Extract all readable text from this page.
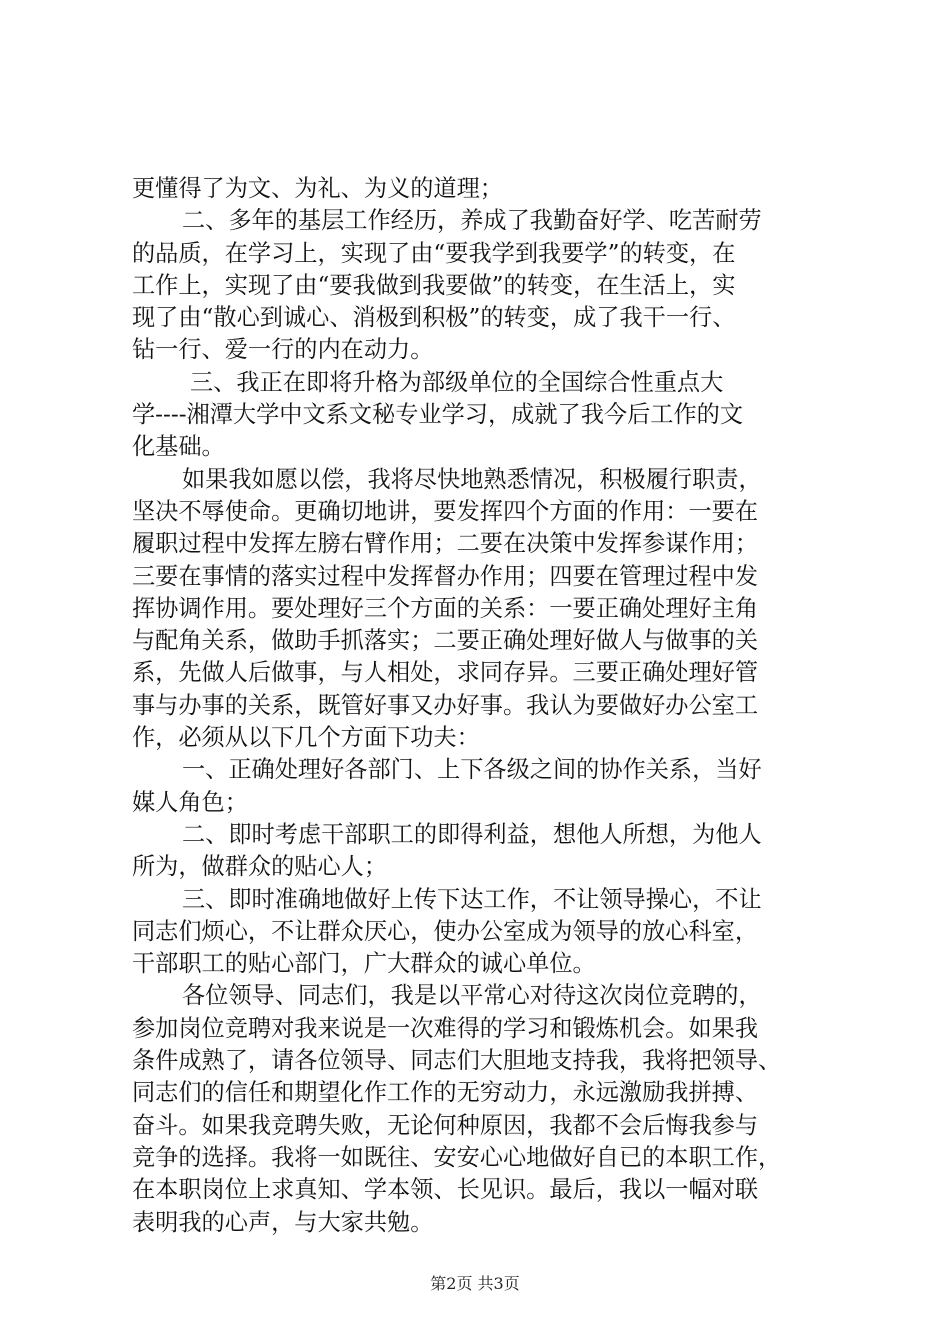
更懂得了为文、为礼、为义的道理；
二、多年的基层工作经历，养成了我勤奋好学、吃苦耐劳
的品质，在学习上，实现了由“要我学到我要学”的转变，在
工作上，实现了由“要我做到我要做”的转变，在生活上，实
现了由“散心到诚心、消极到积极”的转变，成了我干一行、
钻一行、爱一行的内在动力。
三、我正在即将升格为部级单位的全国综合性重点大
学----湘潭大学中文系文秘专业学习，成就了我今后工作的文
化基础。
如果我如愿以偿，我将尽快地熟悉情况，积极履行职责，
坚决不辱使命。更确切地讲，要发挥四个方面的作用：一要在
履职过程中发挥左膀右臂作用；二要在决策中发挥参谋作用；
三要在事情的落实过程中发挥督办作用；四要在管理过程中发
挥协调作用。要处理好三个方面的关系：一要正确处理好主角
与配角关系，做助手抓落实；二要正确处理好做人与做事的关
系，先做人后做事，与人相处，求同存异。三要正确处理好管
事与办事的关系，既管好事又办好事。我认为要做好办公室工
作，必须从以下几个方面下功夫：
一、正确处理好各部门、上下各级之间的协作关系，当好
媒人角色；
二、即时考虑干部职工的即得利益，想他人所想，为他人
所为，做群众的贴心人；
三、即时准确地做好上传下达工作，不让领导操心，不让
同志们烦心，不让群众厌心，使办公室成为领导的放心科室，
干部职工的贴心部门，广大群众的诚心单位。
各位领导、同志们，我是以平常心对待这次岗位竞聘的，
参加岗位竞聘对我来说是一次难得的学习和锻炼机会。如果我
条件成熟了，请各位领导、同志们大胆地支持我，我将把领导、
同志们的信任和期望化作工作的无穷动力，永远激励我拼搏、
奋斗。如果我竞聘失败，无论何种原因，我都不会后悔我参与
竞争的选择。我将一如既往、安安心心地做好自已的本职工作，
在本职岗位上求真知、学本领、长见识。最后，我以一幅对联
表明我的心声，与大家共勉。
第2页 共3页
